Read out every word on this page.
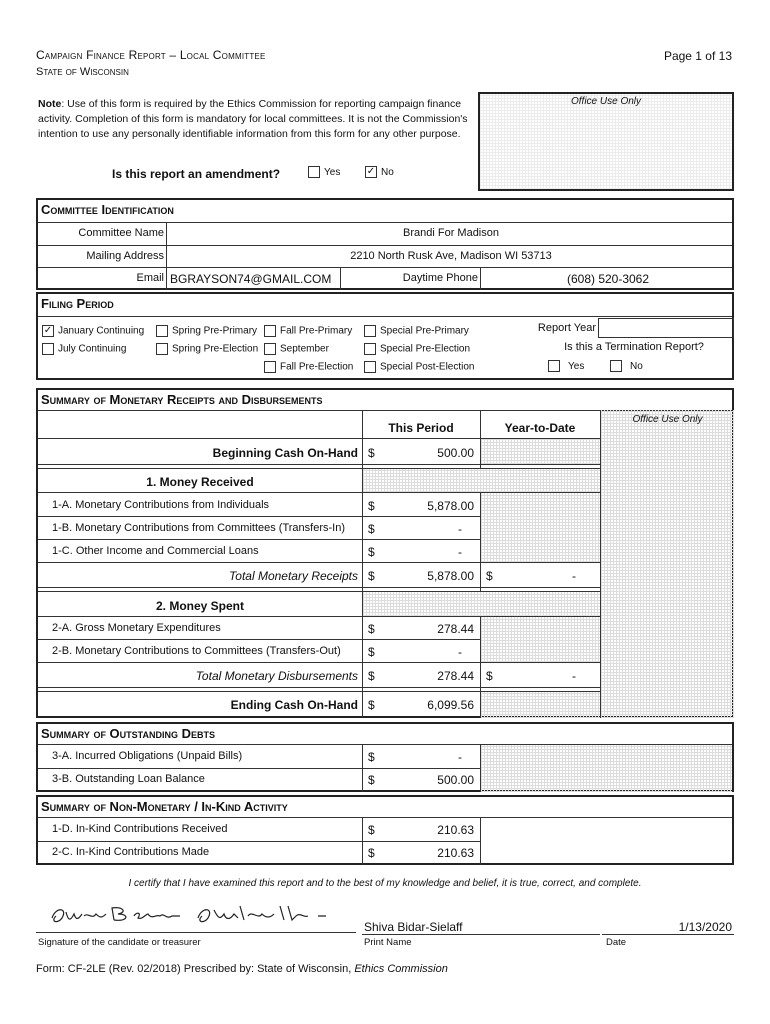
Campaign Finance Report – Local Committee
State of Wisconsin
Page 1 of 13
Note: Use of this form is required by the Ethics Commission for reporting campaign finance activity. Completion of this form is mandatory for local committees. It is not the Commission's intention to use any personally identifiable information from this form for any other purpose.
Office Use Only
Is this report an amendment?	Yes	✓ No
Committee Identification
Committee Name	Brandi For Madison
Mailing Address	2210 North Rusk Ave, Madison WI 53713
Email BGRAYSON74@GMAIL.COM	Daytime Phone	(608) 520-3062
Filing Period
✓ January Continuing
July Continuing
Spring Pre-Primary
Spring Pre-Election
Fall Pre-Primary
September
Fall Pre-Election
Special Pre-Primary
Special Pre-Election
Special Post-Election
Report Year
Is this a Termination Report?
Yes	No
Summary of Monetary Receipts and Disbursements
Office Use Only
This Period	Year-to-Date
Beginning Cash On-Hand $	500.00
1. Money Received
1-A. Monetary Contributions from Individuals	$	5,878.00
1-B. Monetary Contributions from Committees (Transfers-In) $	-
1-C. Other Income and Commercial Loans	$	-
Total Monetary Receipts $	5,878.00 $	-
2. Money Spent
2-A. Gross Monetary Expenditures	$	278.44
2-B. Monetary Contributions to Committees (Transfers-Out) $	-
Total Monetary Disbursements $	278.44 $	-
Ending Cash On-Hand $	6,099.56
Summary of Outstanding Debts
3-A. Incurred Obligations (Unpaid Bills)	$	-
3-B. Outstanding Loan Balance	$	500.00
Summary of Non-Monetary / In-Kind Activity
1-D. In-Kind Contributions Received	$	210.63
2-C. In-Kind Contributions Made	$	210.63
I certify that I have examined this report and to the best of my knowledge and belief, it is true, correct, and complete.
Signature of the candidate or treasurer
Shiva Bidar-Sielaff
Print Name
1/13/2020
Date
Form: CF-2LE (Rev. 02/2018) Prescribed by: State of Wisconsin, Ethics Commission
